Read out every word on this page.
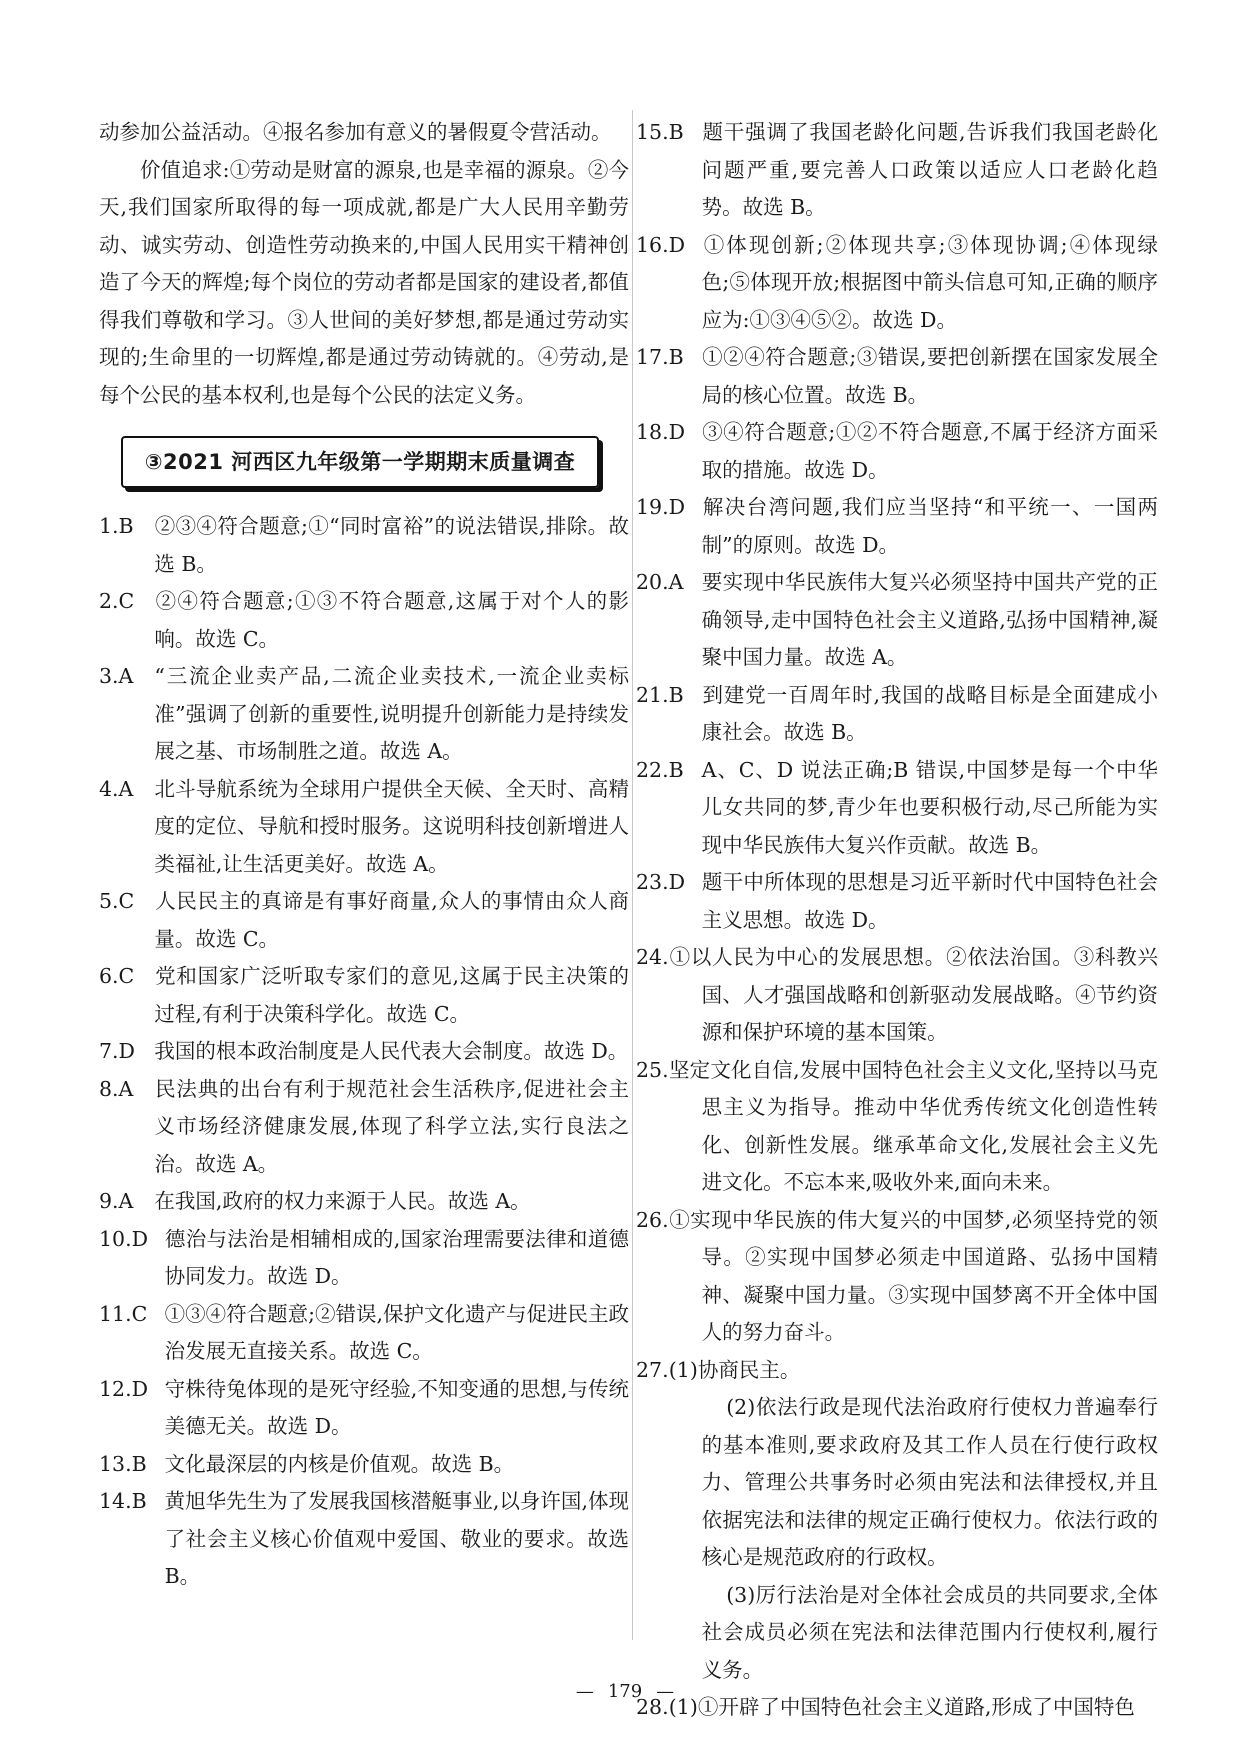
动参加公益活动。④报名参加有意义的暑假夏令营活动。

价值追求:①劳动是财富的源泉,也是幸福的源泉。②今天,我们国家所取得的每一项成就,都是广大人民用辛勤劳动、诚实劳动、创造性劳动换来的,中国人民用实干精神创造了今天的辉煌;每个岗位的劳动者都是国家的建设者,都值得我们尊敬和学习。③人世间的美好梦想,都是通过劳动实现的;生命里的一切辉煌,都是通过劳动铸就的。④劳动,是每个公民的基本权利,也是每个公民的法定义务。

③2021 河西区九年级第一学期期末质量调查

1.B ②③④符合题意;①“同时富裕”的说法错误,排除。故选 B。

2.C ②④符合题意;①③不符合题意,这属于对个人的影响。故选 C。

3.A “三流企业卖产品,二流企业卖技术,一流企业卖标准”强调了创新的重要性,说明提升创新能力是持续发展之基、市场制胜之道。故选 A。

4.A 北斗导航系统为全球用户提供全天候、全天时、高精度的定位、导航和授时服务。这说明科技创新增进人类福祉,让生活更美好。故选 A。

5.C 人民民主的真谛是有事好商量,众人的事情由众人商量。故选 C。

6.C 党和国家广泛听取专家们的意见,这属于民主决策的过程,有利于决策科学化。故选 C。

7.D 我国的根本政治制度是人民代表大会制度。故选 D。

8.A 民法典的出台有利于规范社会生活秩序,促进社会主义市场经济健康发展,体现了科学立法,实行良法之治。故选 A。

9.A 在我国,政府的权力来源于人民。故选 A。

10.D 德治与法治是相辅相成的,国家治理需要法律和道德协同发力。故选 D。

11.C ①③④符合题意;②错误,保护文化遗产与促进民主政治发展无直接关系。故选 C。

12.D 守株待兔体现的是死守经验,不知变通的思想,与传统美德无关。故选 D。

13.B 文化最深层的内核是价值观。故选 B。

14.B 黄旭华先生为了发展我国核潜艇事业,以身许国,体现了社会主义核心价值观中爱国、敬业的要求。故选 B。

15.B 题干强调了我国老龄化问题,告诉我们我国老龄化问题严重,要完善人口政策以适应人口老龄化趋势。故选 B。

16.D ①体现创新;②体现共享;③体现协调;④体现绿色;⑤体现开放;根据图中箭头信息可知,正确的顺序应为:①③④⑤②。故选 D。

17.B ①②④符合题意;③错误,要把创新摆在国家发展全局的核心位置。故选 B。

18.D ③④符合题意;①②不符合题意,不属于经济方面采取的措施。故选 D。

19.D 解决台湾问题,我们应当坚持“和平统一、一国两制”的原则。故选 D。

20.A 要实现中华民族伟大复兴必须坚持中国共产党的正确领导,走中国特色社会主义道路,弘扬中国精神,凝聚中国力量。故选 A。

21.B 到建党一百周年时,我国的战略目标是全面建成小康社会。故选 B。

22.B A、C、D 说法正确;B 错误,中国梦是每一个中华儿女共同的梦,青少年也要积极行动,尽己所能为实现中华民族伟大复兴作贡献。故选 B。

23.D 题干中所体现的思想是习近平新时代中国特色社会主义思想。故选 D。

24.①以人民为中心的发展思想。②依法治国。③科教兴国、人才强国战略和创新驱动发展战略。④节约资源和保护环境的基本国策。

25.坚定文化自信,发展中国特色社会主义文化,坚持以马克思主义为指导。推动中华优秀传统文化创造性转化、创新性发展。继承革命文化,发展社会主义先进文化。不忘本来,吸收外来,面向未来。

26.①实现中华民族的伟大复兴的中国梦,必须坚持党的领导。②实现中国梦必须走中国道路、弘扬中国精神、凝聚中国力量。③实现中国梦离不开全体中国人的努力奋斗。

27.(1)协商民主。

(2)依法行政是现代法治政府行使权力普遍奉行的基本准则,要求政府及其工作人员在行使行政权力、管理公共事务时必须由宪法和法律授权,并且依据宪法和法律的规定正确行使权力。依法行政的核心是规范政府的行政权。

(3)厉行法治是对全体社会成员的共同要求,全体社会成员必须在宪法和法律范围内行使权利,履行义务。

28.(1)①开辟了中国特色社会主义道路,形成了中国特色

— 179 —
